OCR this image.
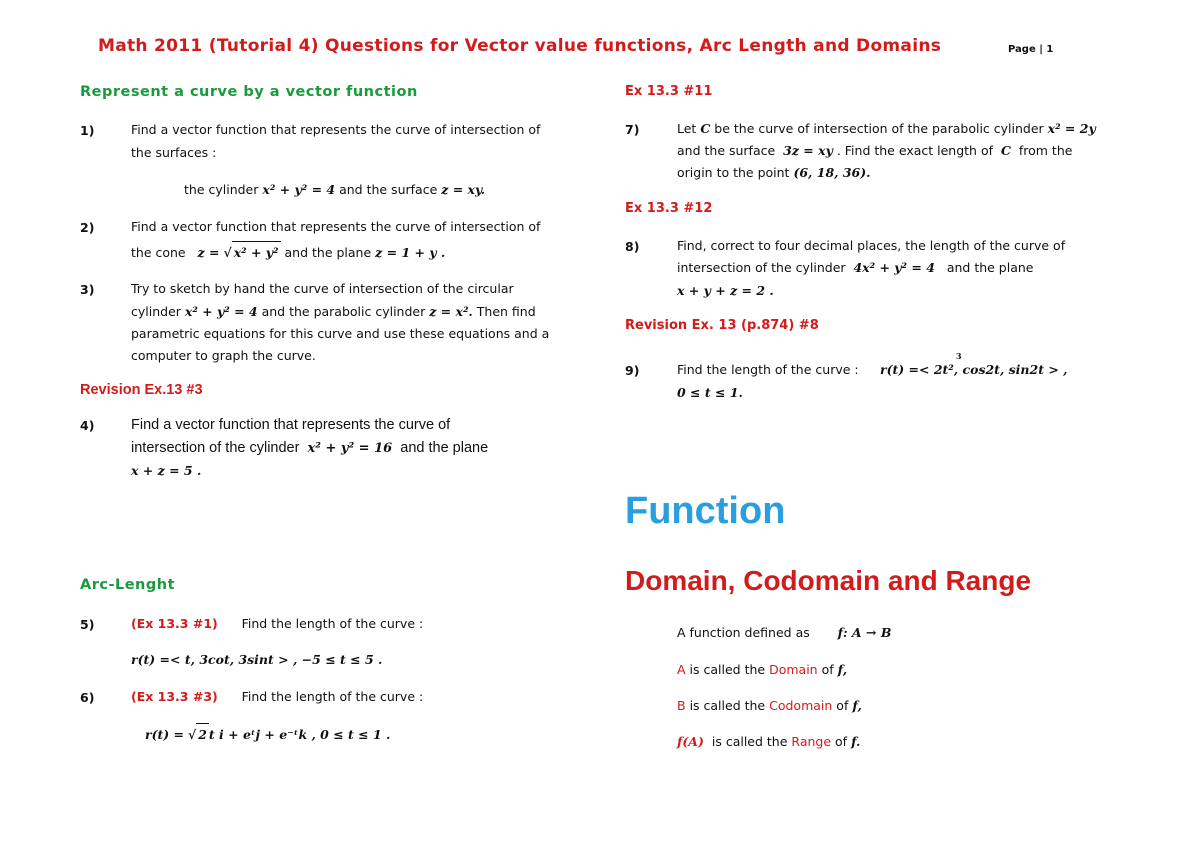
Math 2011 (Tutorial 4) Questions for Vector value functions, Arc Length and Domains	Page | 1
Represent a curve by a vector function
1)	Find a vector function that represents the curve of intersection of
the surfaces :
the cylinder x² + y² = 4 and the surface z = xy.
2)	Find a vector function that represents the curve of intersection of
the cone z = √ x² + y² and the plane z = 1 + y .
3)	Try to sketch by hand the curve of intersection of the circular
cylinder x² + y² = 4 and the parabolic cylinder z = x². Then find
parametric equations for this curve and use these equations and a
computer to graph the curve.
Revision Ex.13 #3
4)	Find a vector function that represents the curve of
intersection of the cylinder x² + y² = 16 and the plane
x + z = 5 .
Arc-Lenght
5)	(Ex 13.3 #1) Find the length of the curve :
r(t) =< t, 3cot, 3sint > , −5 ≤ t ≤ 5 .
6)	(Ex 13.3 #3) Find the length of the curve :
r(t) = √ 2 t i + eᵗj + e⁻ᵗk , 0 ≤ t ≤ 1 .
Ex 13.3 #11
7)	Let C be the curve of intersection of the parabolic cylinder x² = 2y
and the surface 3z = xy . Find the exact length of C from the
origin to the point (6, 18, 36).
Ex 13.3 #12
8)	Find, correct to four decimal places, the length of the curve of
intersection of the cylinder 4x² + y² = 4 and the plane
x + y + z = 2 .
Revision Ex. 13 (p.874) #8
9)	Find the length of the curve :
3
r(t) =< 2t², cos2t, sin2t > ,
0 ≤ t ≤ 1.
Function
Domain, Codomain and Range
A function defined as f: A → B
A is called the Domain of f,
B is called the Codomain of f,
f(A) is called the Range of f.
